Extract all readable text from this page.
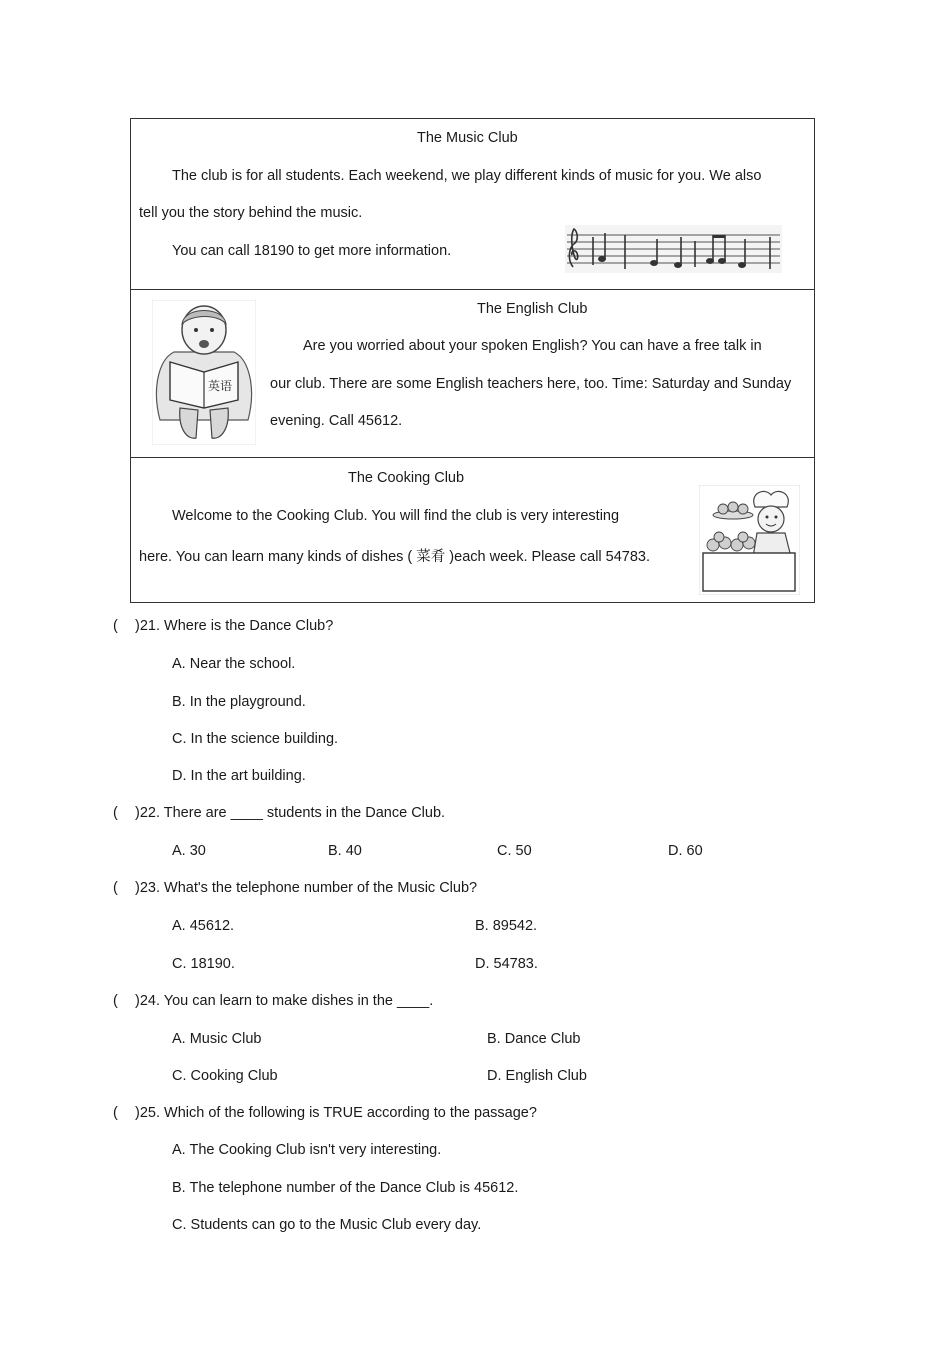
The Music Club
The club is for all students. Each weekend, we play different kinds of music for you. We also
tell you the story behind the music.
You can call 18190 to get more information.
英语
The English Club
Are you worried about your spoken English? You can have a free talk in
our club. There are some English teachers here, too. Time: Saturday and Sunday
evening. Call 45612.
The Cooking Club
Welcome to the Cooking Club. You will find the club is very interesting
here. You can learn many kinds of dishes ( 菜肴 )each week. Please call 54783.
( )21. Where is the Dance Club?
A. Near the school.
B. In the playground.
C. In the science building.
D. In the art building.
( )22. There are ____ students in the Dance Club.
A. 30	B. 40	C. 50	D. 60
( )23. What's the telephone number of the Music Club?
A. 45612.	B. 89542.
C. 18190.	D. 54783.
( )24. You can learn to make dishes in the ____.
A. Music Club	B. Dance Club
C. Cooking Club	D. English Club
( )25. Which of the following is TRUE according to the passage?
A. The Cooking Club isn't very interesting.
B. The telephone number of the Dance Club is 45612.
C. Students can go to the Music Club every day.
